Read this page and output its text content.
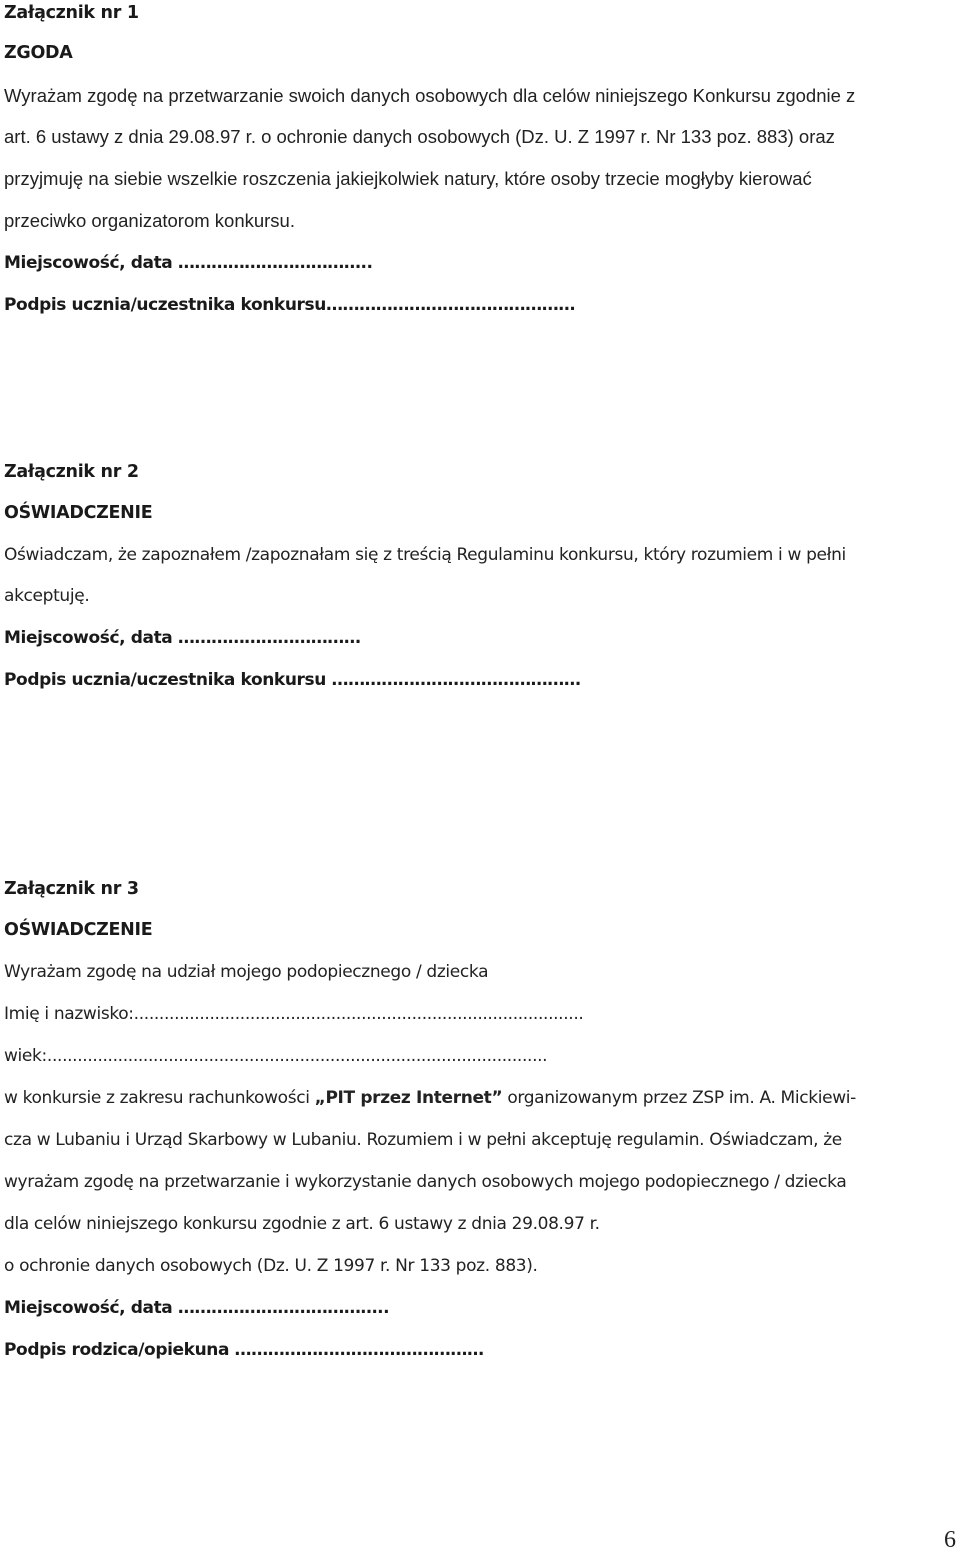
Załącznik nr 1
ZGODA
Wyrażam zgodę na przetwarzanie swoich danych osobowych dla celów niniejszego Konkursu zgodnie z
art. 6 ustawy z dnia 29.08.97 r. o ochronie danych osobowych (Dz. U. Z 1997 r. Nr 133 poz. 883) oraz
przyjmuję na siebie wszelkie roszczenia jakiejkolwiek natury, które osoby trzecie mogłyby kierować
przeciwko organizatorom konkursu.
Miejscowość, data ……………………………..
Podpis ucznia/uczestnika konkursu………………………………………
Załącznik nr 2
OŚWIADCZENIE
Oświadczam, że zapoznałem /zapoznałam się z treścią Regulaminu konkursu, który rozumiem i w pełni
akceptuję.
Miejscowość, data ……………………………
Podpis ucznia/uczestnika konkursu ………………………………………
Załącznik nr 3
OŚWIADCZENIE
Wyrażam zgodę na udział mojego podopiecznego / dziecka
Imię i nazwisko:.........................................................................................
wiek:...................................................................................................
w konkursie z zakresu rachunkowości „PIT przez Internet” organizowanym przez ZSP im. A. Mickiewi-
cza w Lubaniu i Urząd Skarbowy w Lubaniu. Rozumiem i w pełni akceptuję regulamin. Oświadczam, że
wyrażam zgodę na przetwarzanie i wykorzystanie danych osobowych mojego podopiecznego / dziecka
dla celów niniejszego konkursu zgodnie z art. 6 ustawy z dnia 29.08.97 r.
o ochronie danych osobowych (Dz. U. Z 1997 r. Nr 133 poz. 883).
Miejscowość, data ………………………………..
Podpis rodzica/opiekuna ………………………………………
6
